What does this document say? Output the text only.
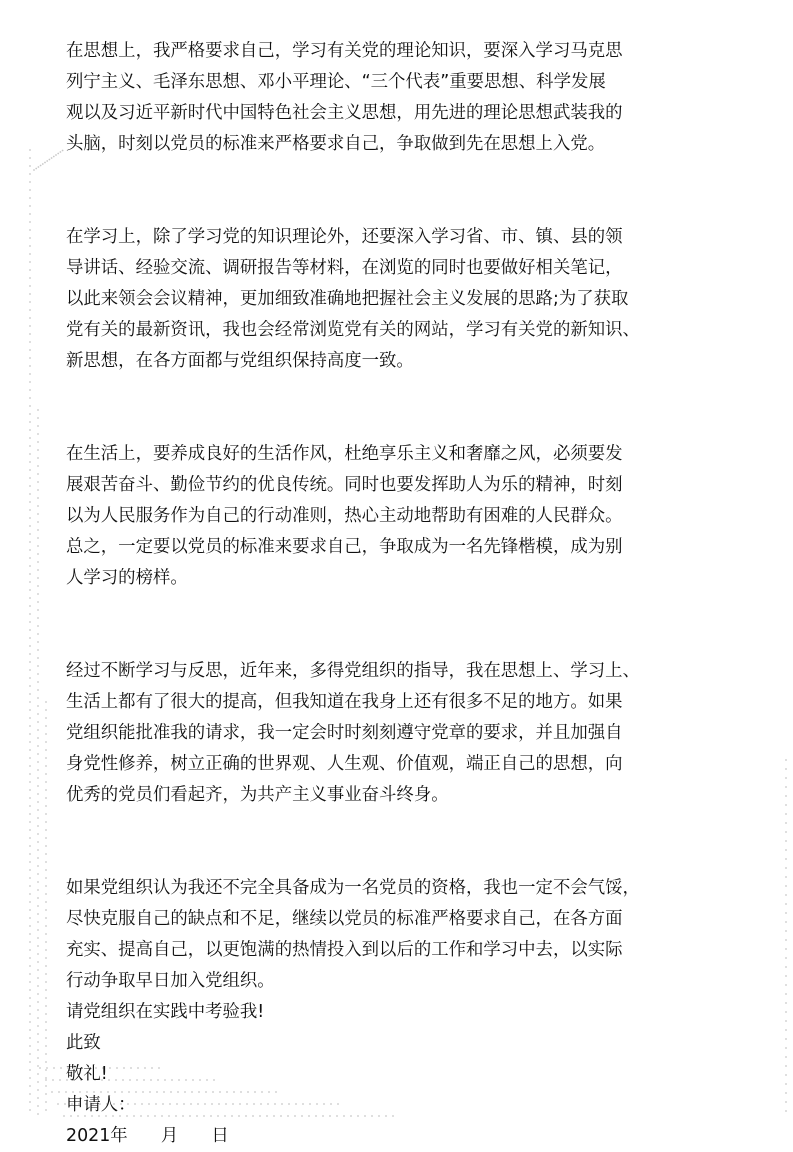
在思想上，我严格要求自己，学习有关党的理论知识，要深入学习马克思
列宁主义、毛泽东思想、邓小平理论、“三个代表”重要思想、科学发展
观以及习近平新时代中国特色社会主义思想，用先进的理论思想武装我的
头脑，时刻以党员的标准来严格要求自己，争取做到先在思想上入党。
在学习上，除了学习党的知识理论外，还要深入学习省、市、镇、县的领
导讲话、经验交流、调研报告等材料，在浏览的同时也要做好相关笔记，
以此来领会会议精神，更加细致准确地把握社会主义发展的思路;为了获取
党有关的最新资讯，我也会经常浏览党有关的网站，学习有关党的新知识、
新思想，在各方面都与党组织保持高度一致。
在生活上，要养成良好的生活作风，杜绝享乐主义和奢靡之风，必须要发
展艰苦奋斗、勤俭节约的优良传统。同时也要发挥助人为乐的精神，时刻
以为人民服务作为自己的行动准则，热心主动地帮助有困难的人民群众。
总之，一定要以党员的标准来要求自己，争取成为一名先锋楷模，成为别
人学习的榜样。
经过不断学习与反思，近年来，多得党组织的指导，我在思想上、学习上、
生活上都有了很大的提高，但我知道在我身上还有很多不足的地方。如果
党组织能批准我的请求，我一定会时时刻刻遵守党章的要求，并且加强自
身党性修养，树立正确的世界观、人生观、价值观，端正自己的思想，向
优秀的党员们看起齐，为共产主义事业奋斗终身。
如果党组织认为我还不完全具备成为一名党员的资格，我也一定不会气馁，
尽快克服自己的缺点和不足，继续以党员的标准严格要求自己，在各方面
充实、提高自己，以更饱满的热情投入到以后的工作和学习中去，以实际
行动争取早日加入党组织。
请党组织在实践中考验我!
此致
敬礼!
申请人：
2021年      月      日
